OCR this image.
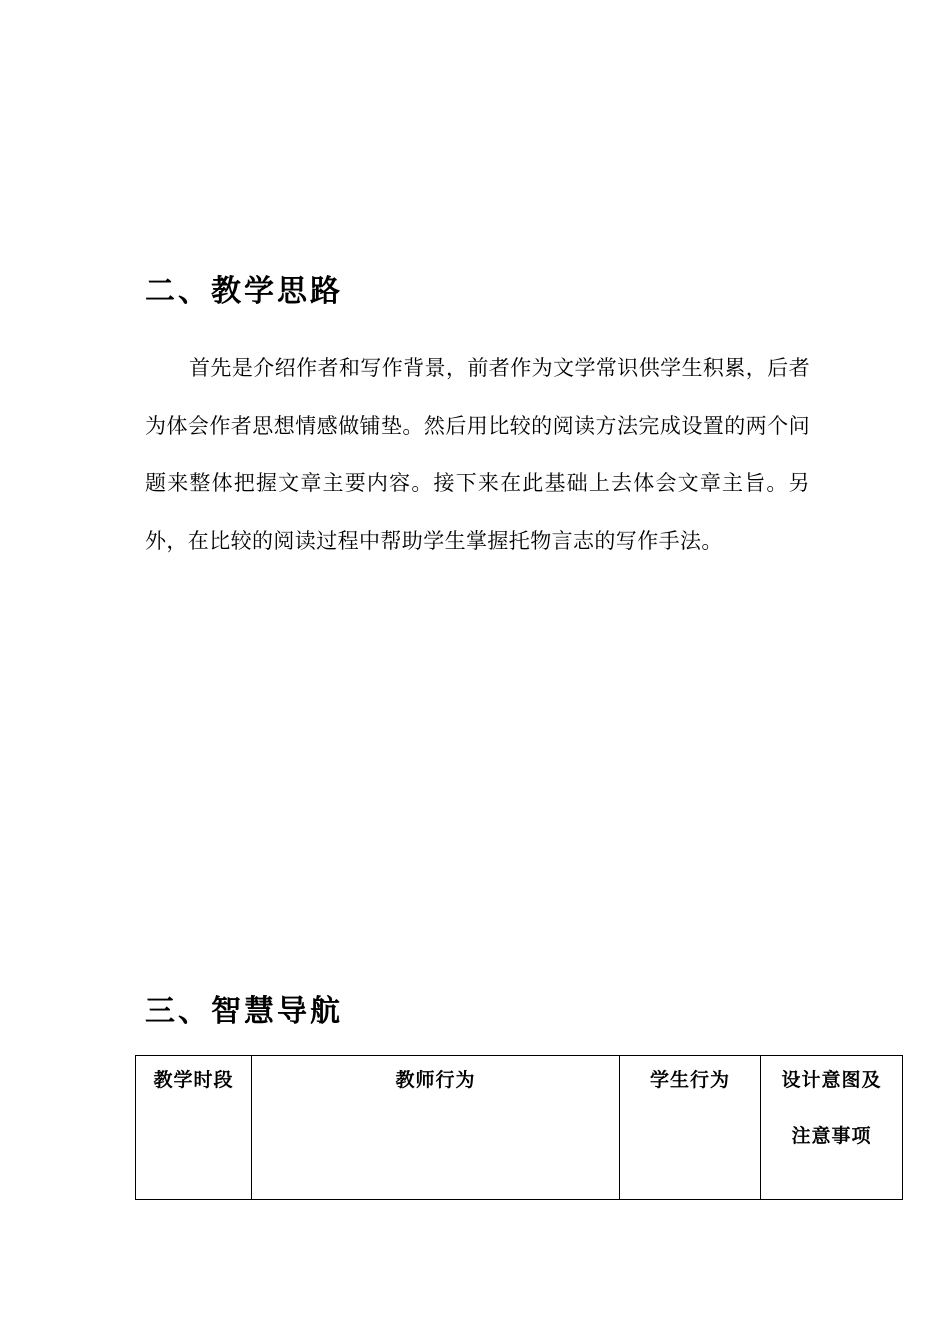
二、教学思路

首先是介绍作者和写作背景，前者作为文学常识供学生积累，后者为体会作者思想情感做铺垫。然后用比较的阅读方法完成设置的两个问题来整体把握文章主要内容。接下来在此基础上去体会文章主旨。另外，在比较的阅读过程中帮助学生掌握托物言志的写作手法。

三、智慧导航
教学时段	教师行为	学生行为	设计意图及
注意事项
